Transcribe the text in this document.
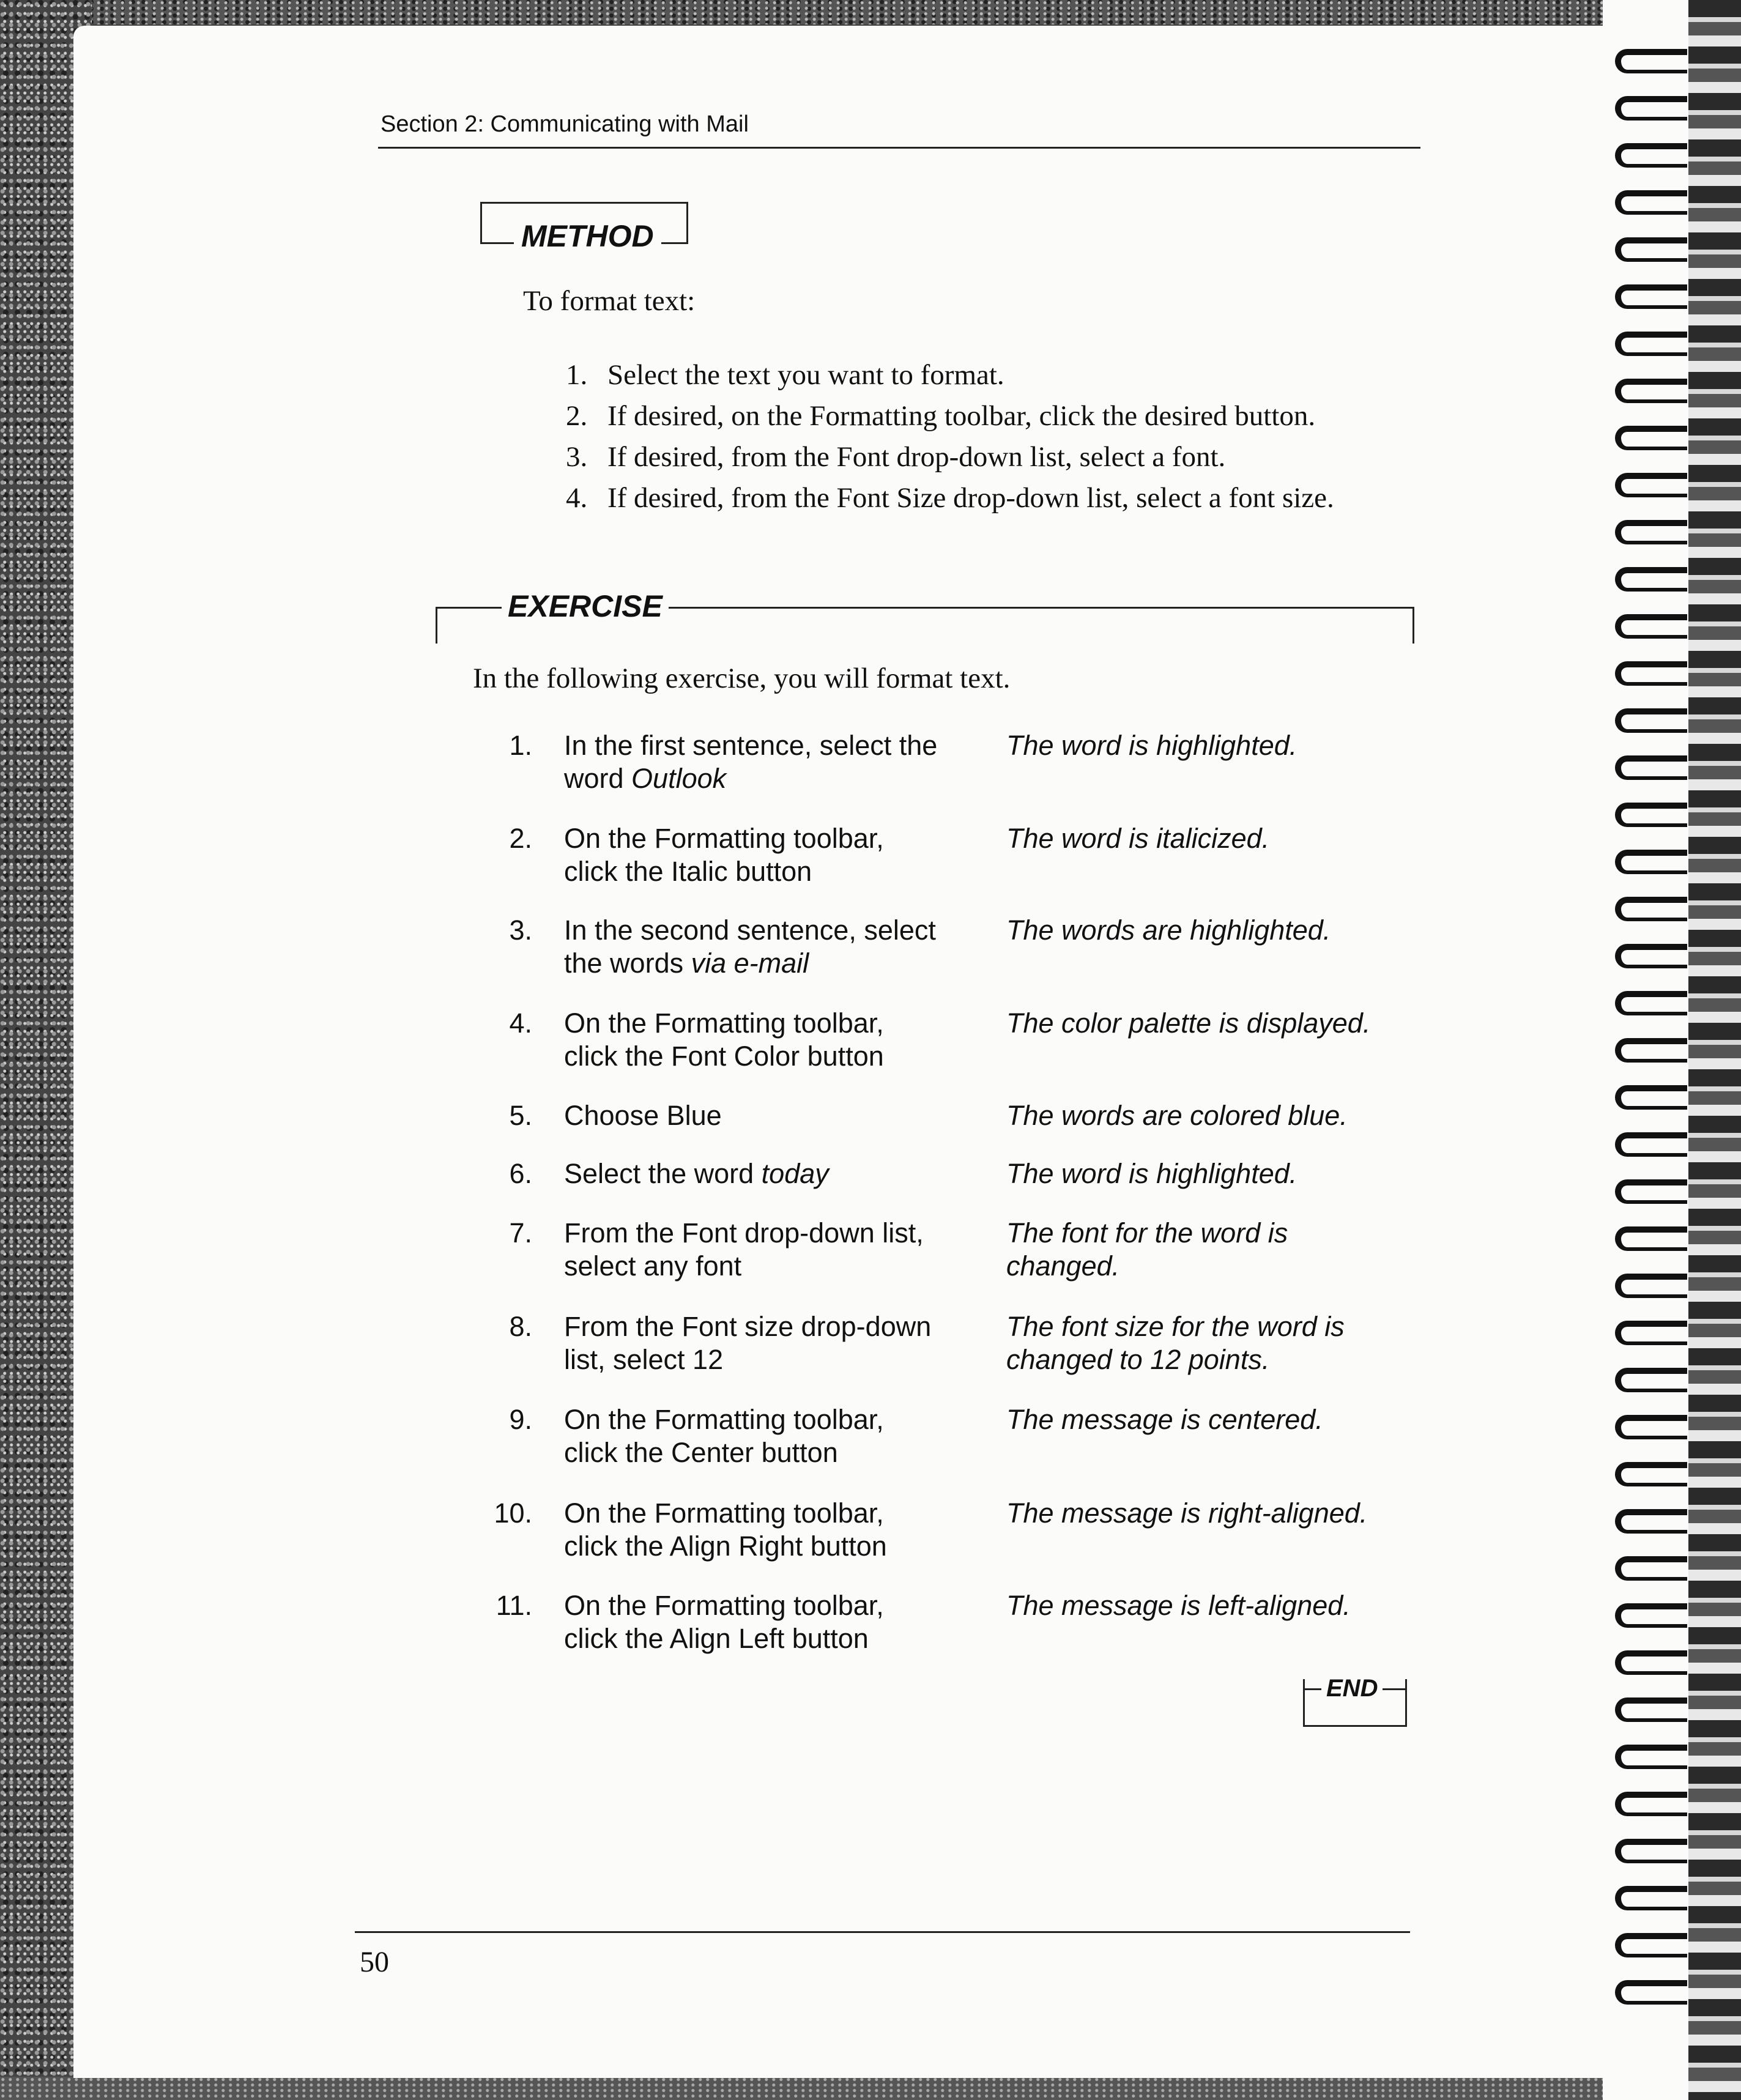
Section 2: Communicating with Mail
METHOD
To format text:
1. Select the text you want to format.
2. If desired, on the Formatting toolbar, click the desired button.
3. If desired, from the Font drop-down list, select a font.
4. If desired, from the Font Size drop-down list, select a font size.
EXERCISE
In the following exercise, you will format text.
1. In the first sentence, select the
word Outlook
The word is highlighted.
2. On the Formatting toolbar,
click the Italic button
The word is italicized.
3. In the second sentence, select
the words via e-mail
The words are highlighted.
4. On the Formatting toolbar,
click the Font Color button
The color palette is displayed.
5. Choose Blue	The words are colored blue.
6. Select the word today	The word is highlighted.
7. From the Font drop-down list,
select any font
The font for the word is
changed.
8. From the Font size drop-down
list, select 12
The font size for the word is
changed to 12 points.
9. On the Formatting toolbar,
click the Center button
The message is centered.
10. On the Formatting toolbar,
click the Align Right button
The message is right-aligned.
11. On the Formatting toolbar,
click the Align Left button
The message is left-aligned.
END
50
